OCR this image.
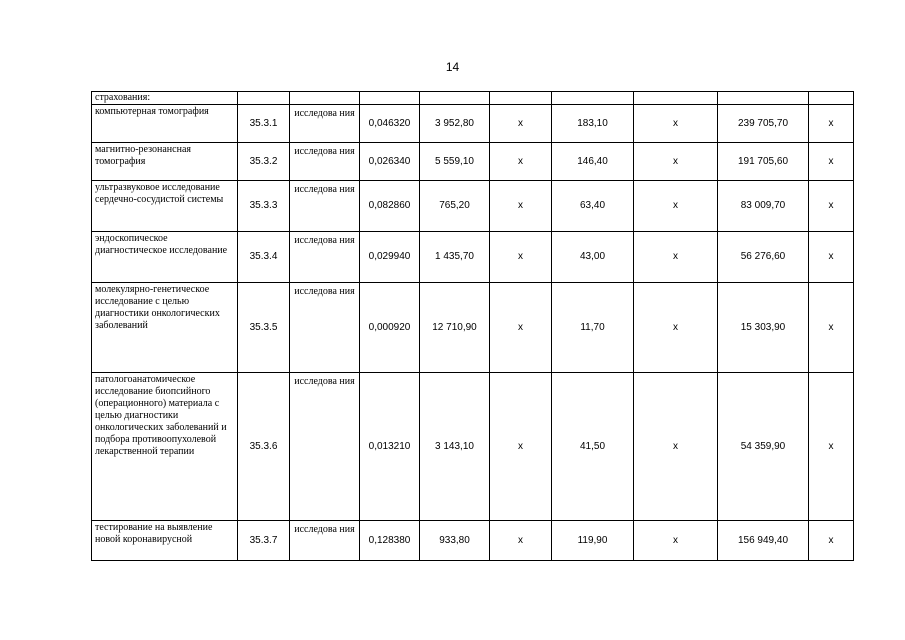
14
страхования:									
компьютерная томография	35.3.1	исследова ния	0,046320	3 952,80	x	183,10	x	239 705,70	x
магнитно-резонансная томография	35.3.2	исследова ния	0,026340	5 559,10	x	146,40	x	191 705,60	x
ультразвуковое исследование сердечно-сосудистой системы	35.3.3	исследова ния	0,082860	765,20	x	63,40	x	83 009,70	x
эндоскопическое диагностическое исследование	35.3.4	исследова ния	0,029940	1 435,70	x	43,00	x	56 276,60	x
молекулярно-генетическое исследование с целью диагностики онкологических заболеваний	35.3.5	исследова ния	0,000920	12 710,90	x	11,70	x	15 303,90	x
патологоанатомическое исследование биопсийного (операционного) материала с целью диагностики онкологических заболеваний и подбора противоопухолевой лекарственной терапии	35.3.6	исследова ния	0,013210	3 143,10	x	41,50	x	54 359,90	x
тестирование на выявление новой коронавирусной	35.3.7	исследова ния	0,128380	933,80	x	119,90	x	156 949,40	x
